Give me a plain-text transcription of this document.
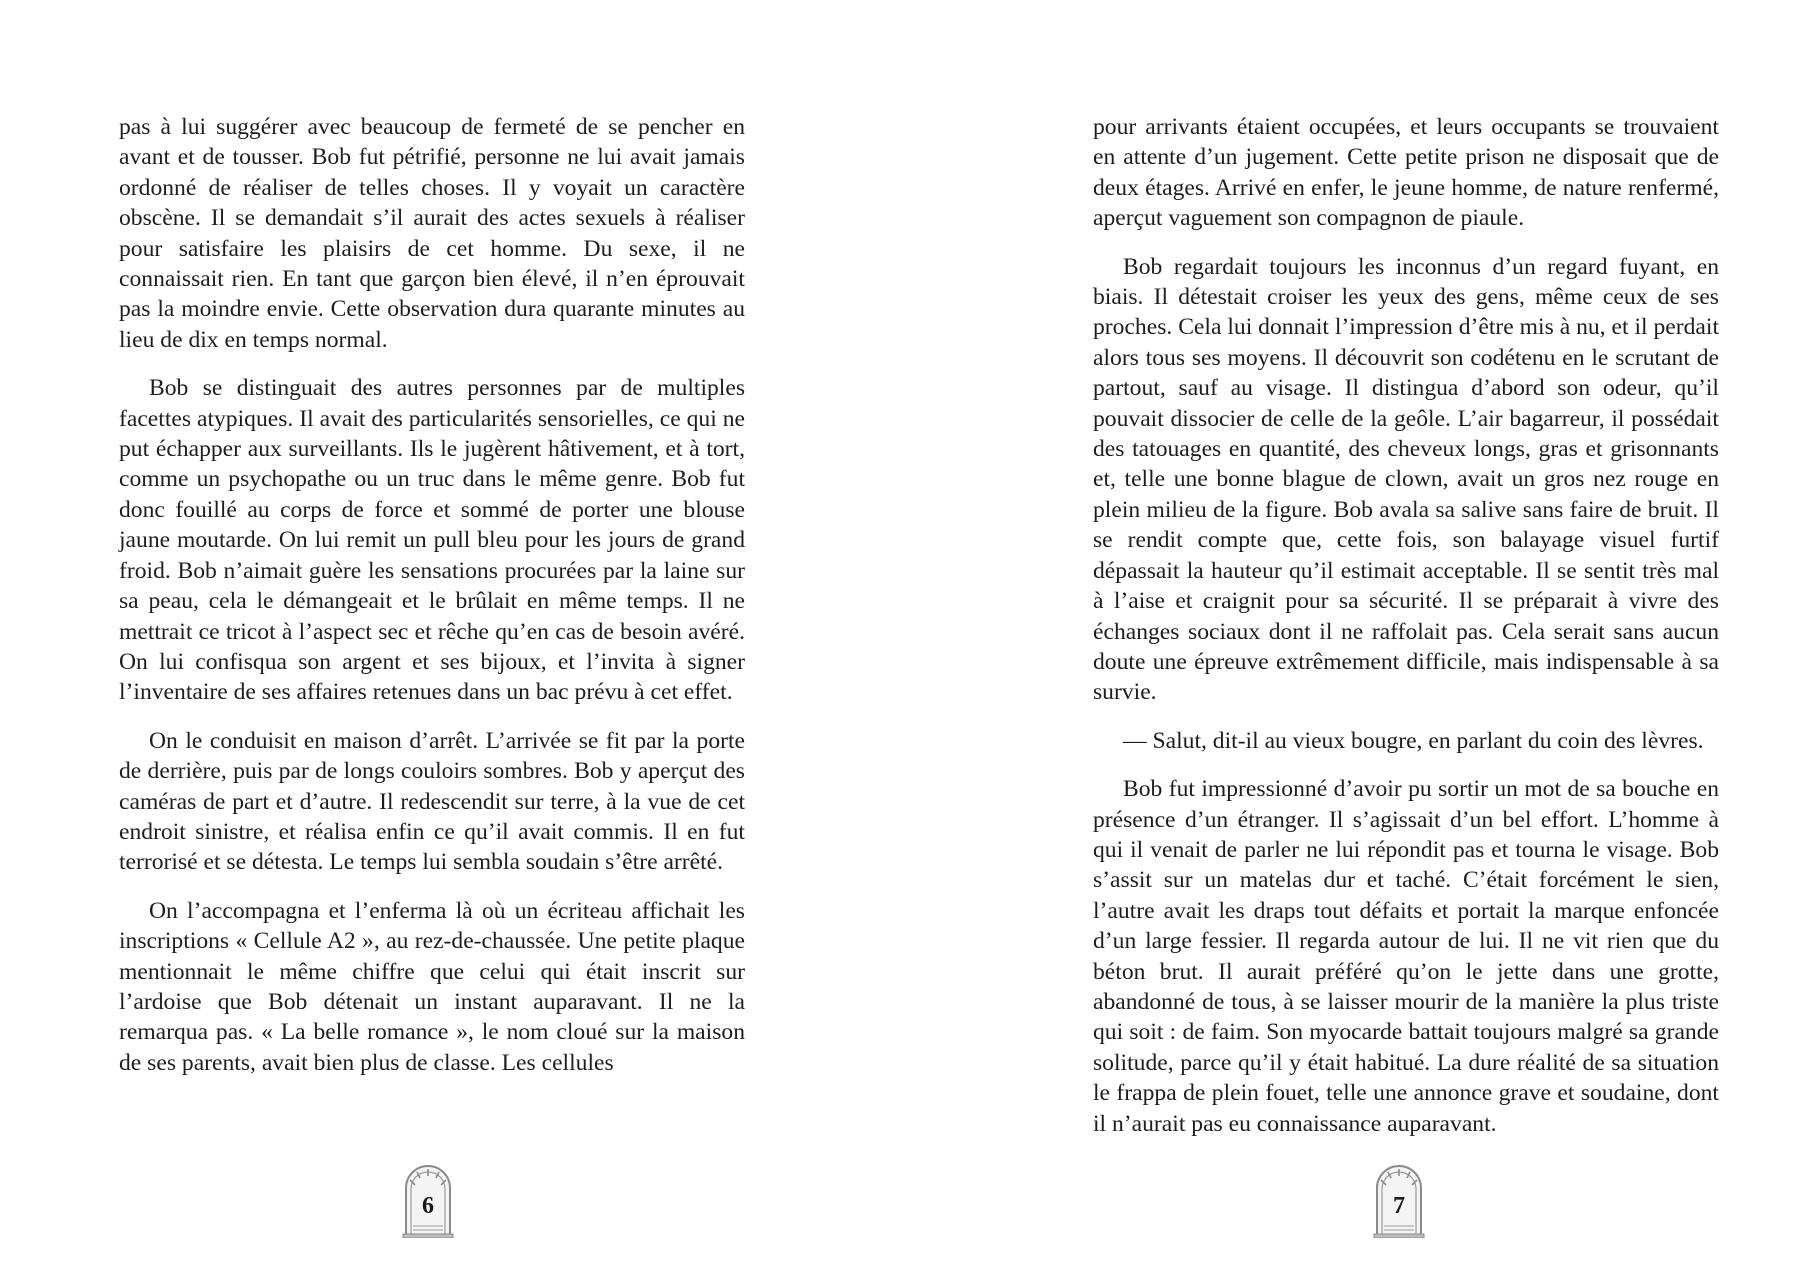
pas à lui suggérer avec beaucoup de fermeté de se pencher en avant et de tousser. Bob fut pétrifié, personne ne lui avait jamais ordonné de réaliser de telles choses. Il y voyait un caractère obscène. Il se demandait s’il aurait des actes sexuels à réaliser pour satisfaire les plaisirs de cet homme. Du sexe, il ne connaissait rien. En tant que garçon bien élevé, il n’en éprouvait pas la moindre envie. Cette observation dura quarante minutes au lieu de dix en temps normal.

Bob se distinguait des autres personnes par de multiples facettes atypiques. Il avait des particularités sensorielles, ce qui ne put échapper aux surveillants. Ils le jugèrent hâtivement, et à tort, comme un psychopathe ou un truc dans le même genre. Bob fut donc fouillé au corps de force et sommé de porter une blouse jaune moutarde. On lui remit un pull bleu pour les jours de grand froid. Bob n’aimait guère les sensations procurées par la laine sur sa peau, cela le démangeait et le brûlait en même temps. Il ne mettrait ce tricot à l’aspect sec et rêche qu’en cas de besoin avéré. On lui confisqua son argent et ses bijoux, et l’invita à signer l’inventaire de ses affaires retenues dans un bac prévu à cet effet.

On le conduisit en maison d’arrêt. L’arrivée se fit par la porte de derrière, puis par de longs couloirs sombres. Bob y aperçut des caméras de part et d’autre. Il redescendit sur terre, à la vue de cet endroit sinistre, et réalisa enfin ce qu’il avait commis. Il en fut terrorisé et se détesta. Le temps lui sembla soudain s’être arrêté.

On l’accompagna et l’enferma là où un écriteau affichait les inscriptions « Cellule A2 », au rez-de-chaussée. Une petite plaque mentionnait le même chiffre que celui qui était inscrit sur l’ardoise que Bob détenait un instant auparavant. Il ne la remarqua pas. « La belle romance », le nom cloué sur la maison de ses parents, avait bien plus de classe. Les cellules

6

pour arrivants étaient occupées, et leurs occupants se trouvaient en attente d’un jugement. Cette petite prison ne disposait que de deux étages. Arrivé en enfer, le jeune homme, de nature renfermé, aperçut vaguement son compagnon de piaule.

Bob regardait toujours les inconnus d’un regard fuyant, en biais. Il détestait croiser les yeux des gens, même ceux de ses proches. Cela lui donnait l’impression d’être mis à nu, et il perdait alors tous ses moyens. Il découvrit son codétenu en le scrutant de partout, sauf au visage. Il distingua d’abord son odeur, qu’il pouvait dissocier de celle de la geôle. L’air bagarreur, il possédait des tatouages en quantité, des cheveux longs, gras et grisonnants et, telle une bonne blague de clown, avait un gros nez rouge en plein milieu de la figure. Bob avala sa salive sans faire de bruit. Il se rendit compte que, cette fois, son balayage visuel furtif dépassait la hauteur qu’il estimait acceptable. Il se sentit très mal à l’aise et craignit pour sa sécurité. Il se préparait à vivre des échanges sociaux dont il ne raffolait pas. Cela serait sans aucun doute une épreuve extrêmement difficile, mais indispensable à sa survie.

— Salut, dit-il au vieux bougre, en parlant du coin des lèvres.

Bob fut impressionné d’avoir pu sortir un mot de sa bouche en présence d’un étranger. Il s’agissait d’un bel effort. L’homme à qui il venait de parler ne lui répondit pas et tourna le visage. Bob s’assit sur un matelas dur et taché. C’était forcément le sien, l’autre avait les draps tout défaits et portait la marque enfoncée d’un large fessier. Il regarda autour de lui. Il ne vit rien que du béton brut. Il aurait préféré qu’on le jette dans une grotte, abandonné de tous, à se laisser mourir de la manière la plus triste qui soit : de faim. Son myocarde battait toujours malgré sa grande solitude, parce qu’il y était habitué. La dure réalité de sa situation le frappa de plein fouet, telle une annonce grave et soudaine, dont il n’aurait pas eu connaissance auparavant.

7
